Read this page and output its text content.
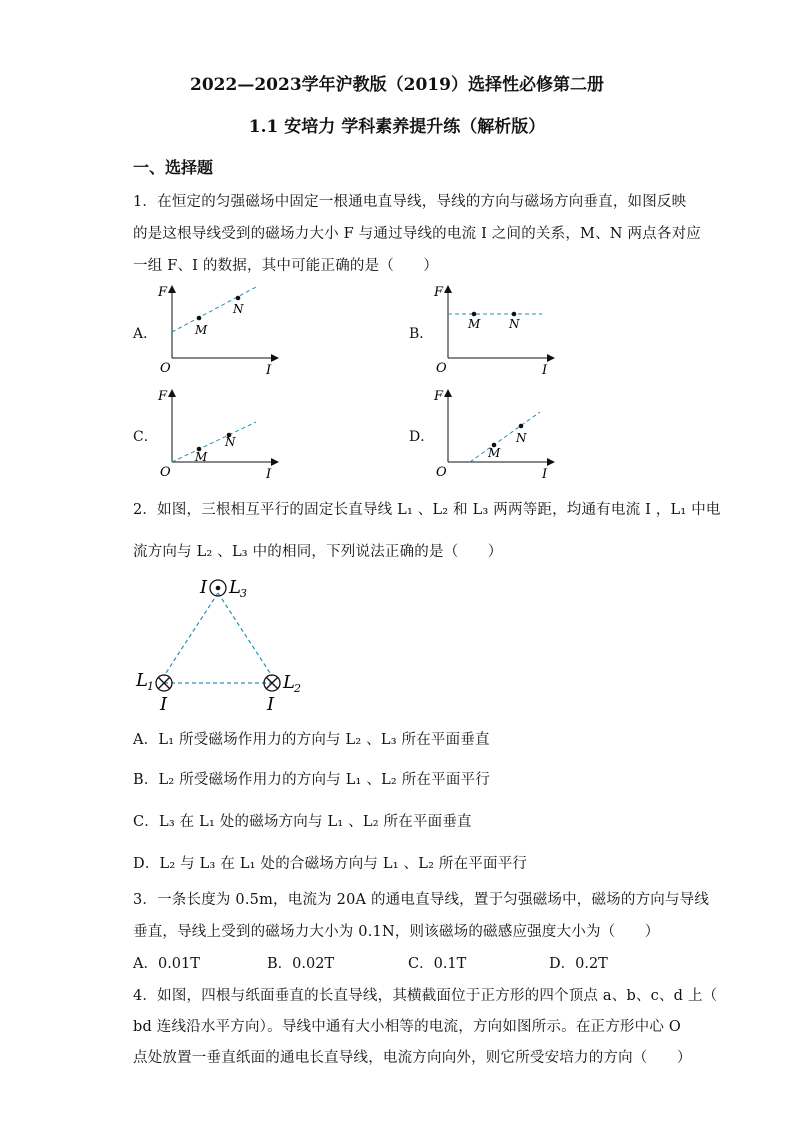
2022—2023学年沪教版（2019）选择性必修第二册
1.1 安培力 学科素养提升练（解析版）
一、选择题
1．在恒定的匀强磁场中固定一根通电直导线，导线的方向与磁场方向垂直，如图反映
的是这根导线受到的磁场力大小 F 与通过导线的电流 I 之间的关系，M、N 两点各对应
一组 F、I 的数据，其中可能正确的是（　　）
A．
F
I
O
M
N
B．
F
I
O
M N
C．
F
I
O
M
N	D．
F
I
O
M
N
2．如图，三根相互平行的固定长直导线 L₁ 、L₂ 和 L₃ 两两等距，均通有电流 I ，L₁ 中电
流方向与 L₂ 、L₃ 中的相同，下列说法正确的是（　　）
I L 3
L 1
I
L 2
I
A．L₁ 所受磁场作用力的方向与 L₂ 、L₃ 所在平面垂直
B．L₂ 所受磁场作用力的方向与 L₁ 、L₂ 所在平面平行
C．L₃ 在 L₁ 处的磁场方向与 L₁ 、L₂ 所在平面垂直
D．L₂ 与 L₃ 在 L₁ 处的合磁场方向与 L₁ 、L₂ 所在平面平行
3．一条长度为 0.5m，电流为 20A 的通电直导线，置于匀强磁场中，磁场的方向与导线
垂直，导线上受到的磁场力大小为 0.1N，则该磁场的磁感应强度大小为（　　）
A．0.01T	B．0.02T	C．0.1T	D．0.2T
4．如图，四根与纸面垂直的长直导线，其横截面位于正方形的四个顶点 a、b、c、d 上（
bd 连线沿水平方向）。导线中通有大小相等的电流，方向如图所示。在正方形中心 O
点处放置一垂直纸面的通电长直导线，电流方向向外，则它所受安培力的方向（　　）
